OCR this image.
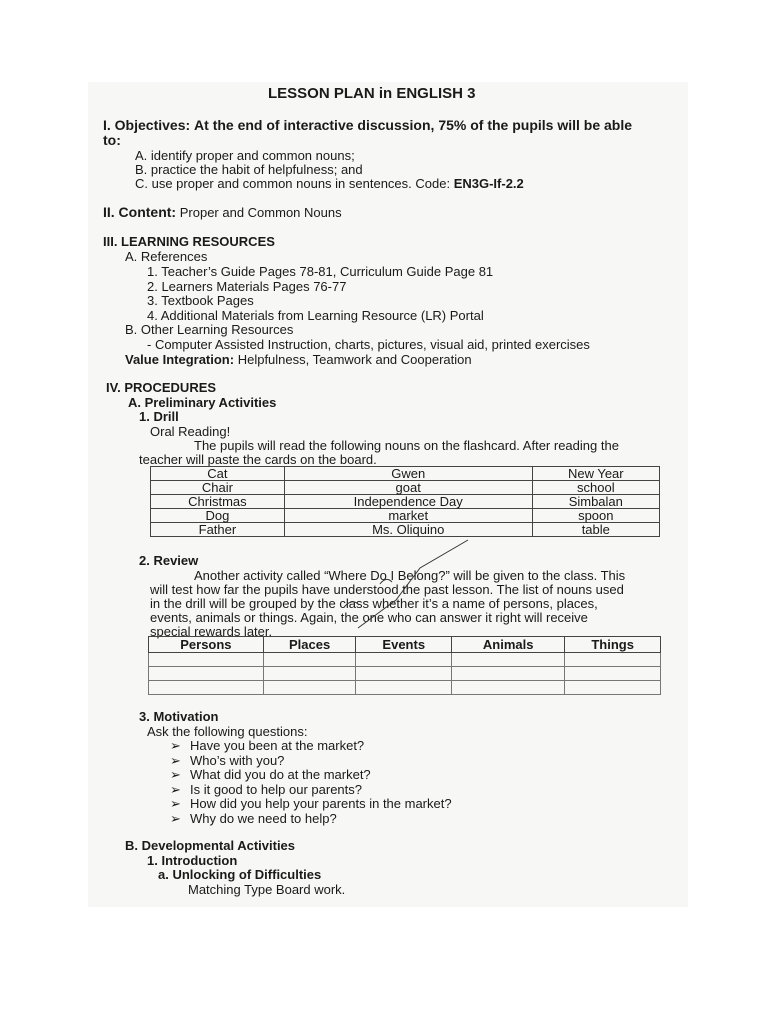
LESSON PLAN in ENGLISH 3
I. Objectives: At the end of interactive discussion, 75% of the pupils will be able
to:
A. identify proper and common nouns;
B. practice the habit of helpfulness; and
C. use proper and common nouns in sentences. Code: EN3G-If-2.2
II. Content: Proper and Common Nouns
III. LEARNING RESOURCES
A. References
1. Teacher’s Guide Pages 78-81, Curriculum Guide Page 81
2. Learners Materials Pages 76-77
3. Textbook Pages
4. Additional Materials from Learning Resource (LR) Portal
B. Other Learning Resources
- Computer Assisted Instruction, charts, pictures, visual aid, printed exercises
Value Integration: Helpfulness, Teamwork and Cooperation
IV. PROCEDURES
A. Preliminary Activities
1. Drill
Oral Reading!
The pupils will read the following nouns on the flashcard. After reading the
teacher will paste the cards on the board.
Cat	Gwen	New Year
Chair	goat	school
Christmas	Independence Day	Simbalan
Dog	market	spoon
Father	Ms. Oliquino	table
2. Review
Another activity called “Where Do I Belong?” will be given to the class. This
will test how far the pupils have understood the past lesson. The list of nouns used
in the drill will be grouped by the class whether it’s a name of persons, places,
events, animals or things. Again, the one who can answer it right will receive
special rewards later.
Persons	Places	Events	Animals	Things

3. Motivation
Ask the following questions:
➢ Have you been at the market?
➢ Who’s with you?
➢ What did you do at the market?
➢ Is it good to help our parents?
➢ How did you help your parents in the market?
➢ Why do we need to help?
B. Developmental Activities
1. Introduction
a. Unlocking of Difficulties
Matching Type Board work.
